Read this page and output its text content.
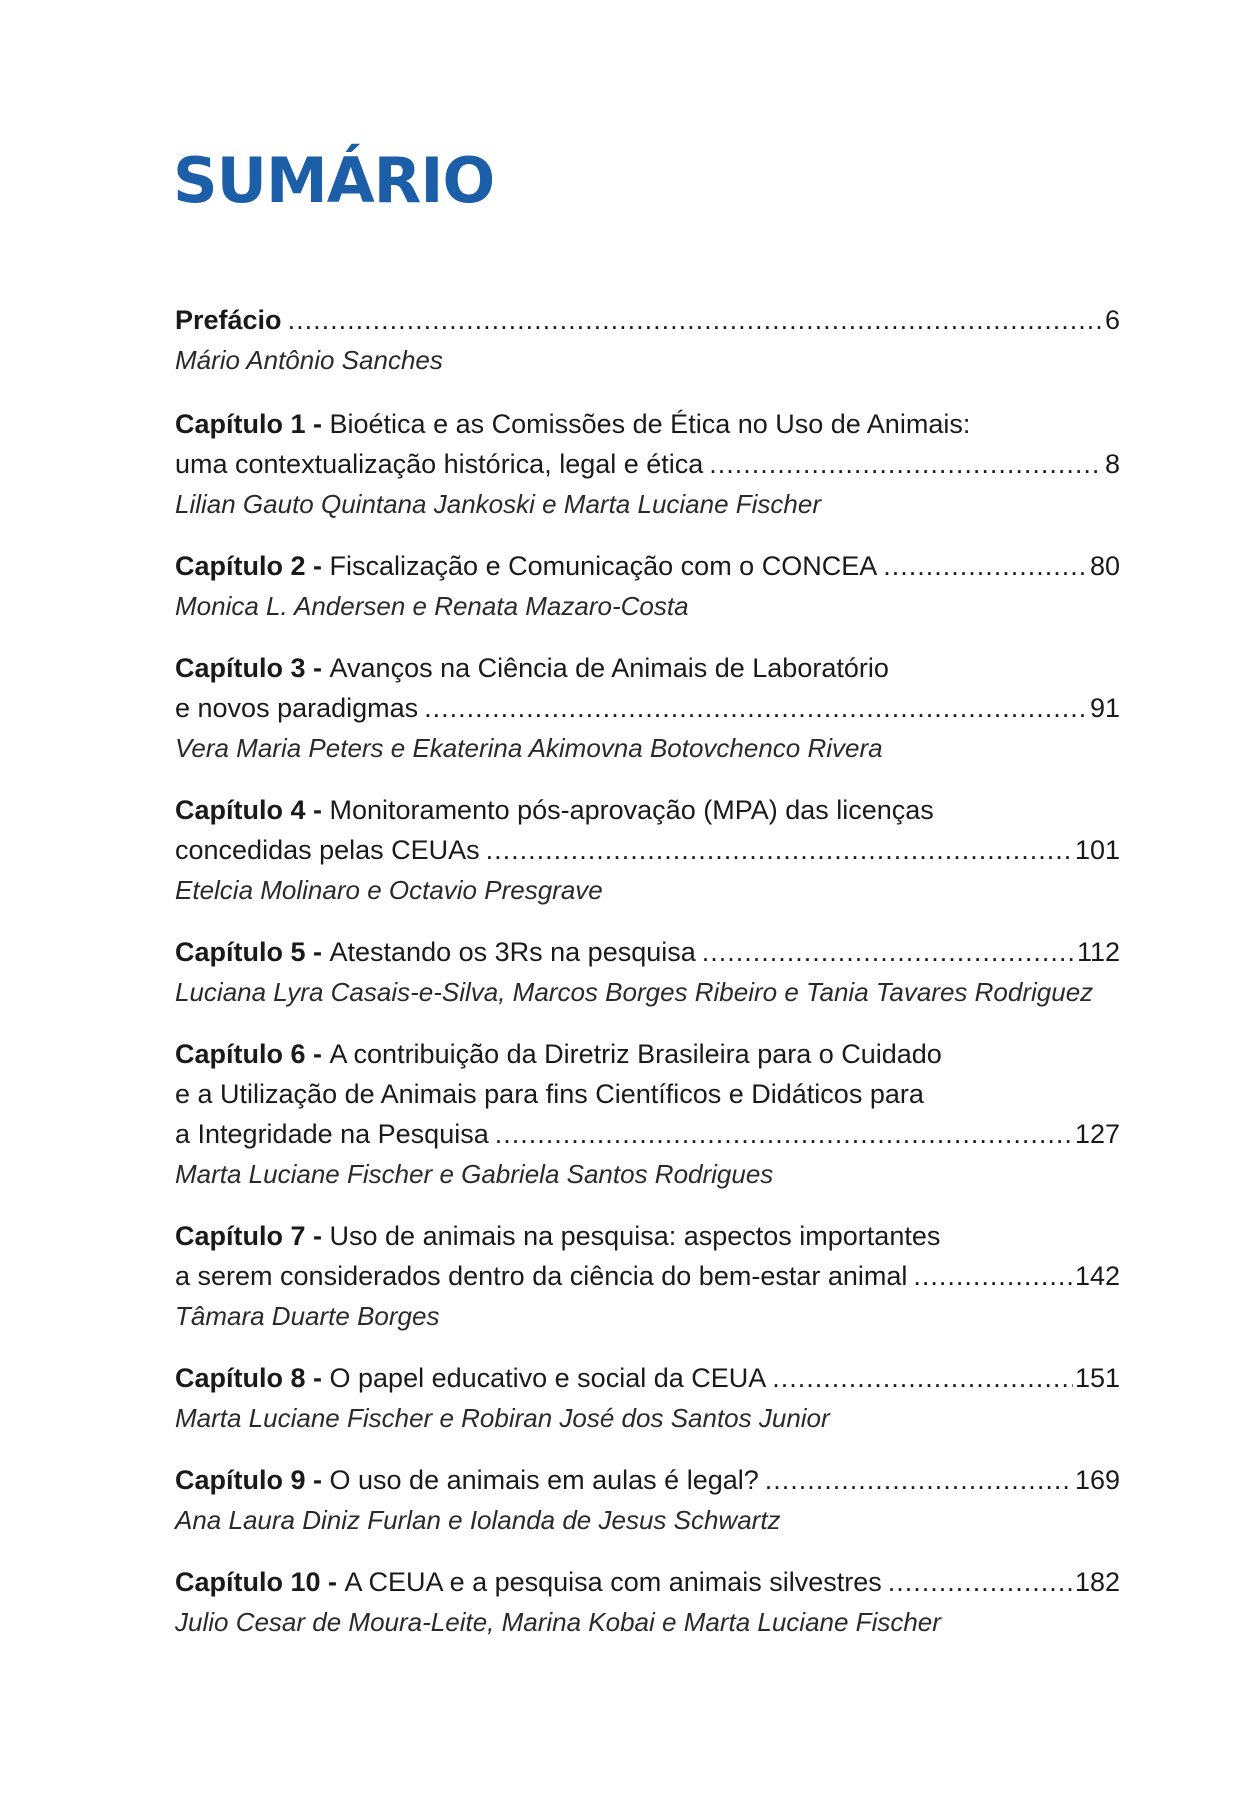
SUMÁRIO
Prefácio .....	6
Mário Antônio Sanches
Capítulo 1 - Bioética e as Comissões de Ética no Uso de Animais:
uma contextualização histórica, legal e ética .....	8
Lilian Gauto Quintana Jankoski e Marta Luciane Fischer
Capítulo 2 - Fiscalização e Comunicação com o CONCEA .....	80
Monica L. Andersen e Renata Mazaro-Costa
Capítulo 3 - Avanços na Ciência de Animais de Laboratório
e novos paradigmas .....	91
Vera Maria Peters e Ekaterina Akimovna Botovchenco Rivera
Capítulo 4 - Monitoramento pós-aprovação (MPA) das licenças
concedidas pelas CEUAs .....	101
Etelcia Molinaro e Octavio Presgrave
Capítulo 5 - Atestando os 3Rs na pesquisa .....	112
Luciana Lyra Casais-e-Silva, Marcos Borges Ribeiro e Tania Tavares Rodriguez
Capítulo 6 - A contribuição da Diretriz Brasileira para o Cuidado
e a Utilização de Animais para fins Científicos e Didáticos para
a Integridade na Pesquisa .....	127
Marta Luciane Fischer e Gabriela Santos Rodrigues
Capítulo 7 - Uso de animais na pesquisa: aspectos importantes
a serem considerados dentro da ciência do bem-estar animal .....	142
Tâmara Duarte Borges
Capítulo 8 - O papel educativo e social da CEUA .....	151
Marta Luciane Fischer e Robiran José dos Santos Junior
Capítulo 9 - O uso de animais em aulas é legal? .....	169
Ana Laura Diniz Furlan e Iolanda de Jesus Schwartz
Capítulo 10 - A CEUA e a pesquisa com animais silvestres .....	182
Julio Cesar de Moura-Leite, Marina Kobai e Marta Luciane Fischer
